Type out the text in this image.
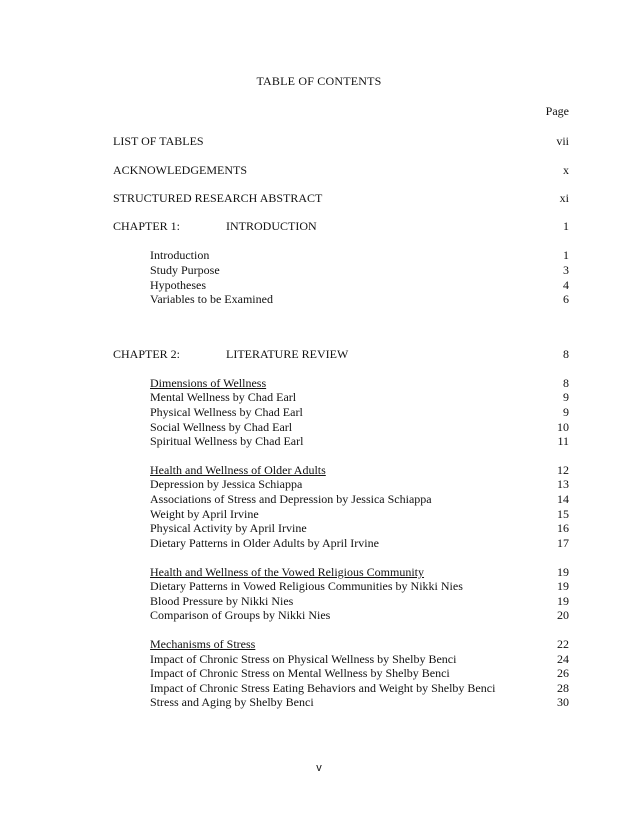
TABLE OF CONTENTS
Page
LIST OF TABLES	vii
ACKNOWLEDGEMENTS	x
STRUCTURED RESEARCH ABSTRACT	xi
CHAPTER 1:	INTRODUCTION	1
Introduction	1
Study Purpose	3
Hypotheses	4
Variables to be Examined	6
CHAPTER 2:	LITERATURE REVIEW	8
Dimensions of Wellness	8
Mental Wellness by Chad Earl	9
Physical Wellness by Chad Earl	9
Social Wellness by Chad Earl	10
Spiritual Wellness by Chad Earl	11
Health and Wellness of Older Adults	12
Depression by Jessica Schiappa	13
Associations of Stress and Depression by Jessica Schiappa	14
Weight by April Irvine	15
Physical Activity by April Irvine	16
Dietary Patterns in Older Adults by April Irvine	17
Health and Wellness of the Vowed Religious Community	19
Dietary Patterns in Vowed Religious Communities by Nikki Nies	19
Blood Pressure by Nikki Nies	19
Comparison of Groups by Nikki Nies	20
Mechanisms of Stress	22
Impact of Chronic Stress on Physical Wellness by Shelby Benci	24
Impact of Chronic Stress on Mental Wellness by Shelby Benci	26
Impact of Chronic Stress Eating Behaviors and Weight by Shelby Benci	28
Stress and Aging by Shelby Benci	30
v
